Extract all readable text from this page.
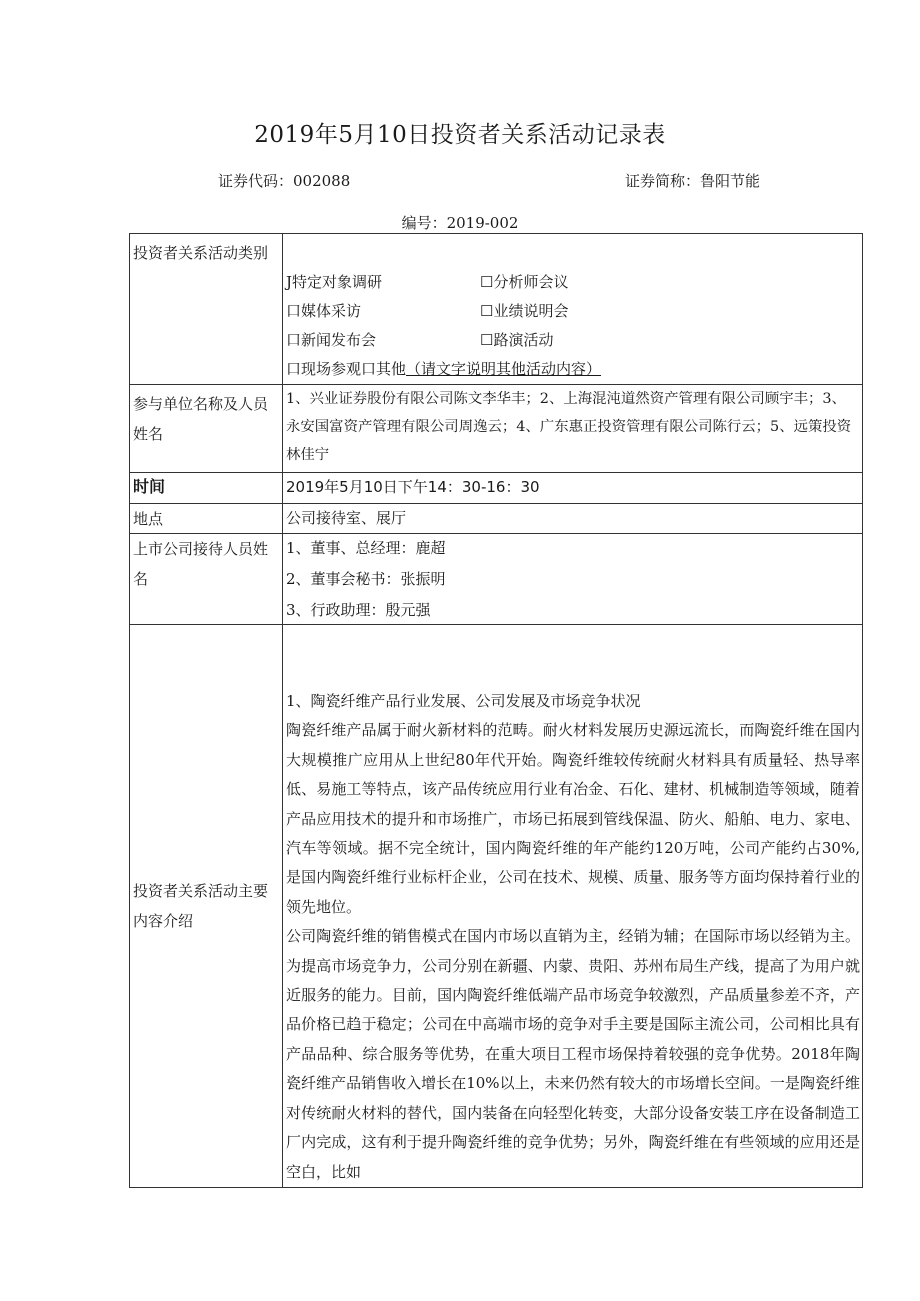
2019年5月10日投资者关系活动记录表
证券代码：002088	证券简称：鲁阳节能
编号：2019-002
投资者关系活动类别	J特定对象调研 ☐分析师会议
口媒体采访 ☐业绩说明会
口新闻发布会 ☐路演活动
口现场参观口其他（请文字说明其他活动内容）

参与单位名称及人员姓名	1、兴业证券股份有限公司陈文李华丰；2、上海混沌道然资产管理有限公司顾宇丰；3、永安国富资产管理有限公司周逸云；4、广东惠正投资管理有限公司陈行云；5、远策投资林佳宁
时间	2019年5月10日下午14：30-16：30
地点	公司接待室、展厅
上市公司接待人员姓名	1、董事、总经理：鹿超
2、董事会秘书：张振明
3、行政助理：殷元强

投资者关系活动主要内容介绍	1、陶瓷纤维产品行业发展、公司发展及市场竞争状况
陶瓷纤维产品属于耐火新材料的范畴。耐火材料发展历史源远流长，而陶瓷纤维在国内大规模推广应用从上世纪80年代开始。陶瓷纤维较传统耐火材料具有质量轻、热导率低、易施工等特点，该产品传统应用行业有冶金、石化、建材、机械制造等领域，随着产品应用技术的提升和市场推广，市场已拓展到管线保温、防火、船舶、电力、家电、汽车等领域。据不完全统计，国内陶瓷纤维的年产能约120万吨，公司产能约占30%,是国内陶瓷纤维行业标杆企业，公司在技术、规模、质量、服务等方面均保持着行业的领先地位。
公司陶瓷纤维的销售模式在国内市场以直销为主，经销为辅；在国际市场以经销为主。为提高市场竞争力，公司分别在新疆、内蒙、贵阳、苏州布局生产线，提高了为用户就近服务的能力。目前，国内陶瓷纤维低端产品市场竞争较激烈，产品质量参差不齐，产品价格已趋于稳定；公司在中高端市场的竞争对手主要是国际主流公司，公司相比具有产品品种、综合服务等优势，在重大项目工程市场保持着较强的竞争优势。2018年陶瓷纤维产品销售收入增长在10%以上，未来仍然有较大的市场增长空间。一是陶瓷纤维对传统耐火材料的替代，国内装备在向轻型化转变，大部分设备安装工序在设备制造工厂内完成，这有利于提升陶瓷纤维的竞争优势；另外，陶瓷纤维在有些领域的应用还是空白，比如
